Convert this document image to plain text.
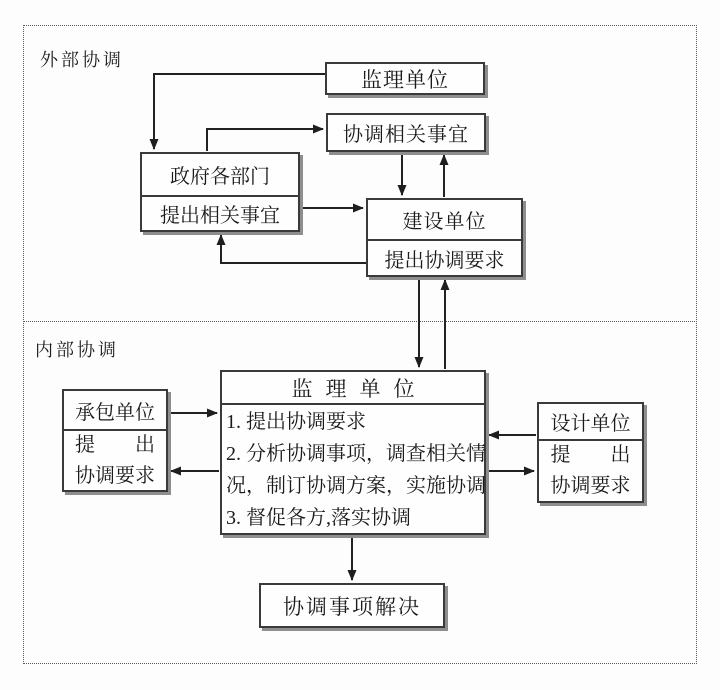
外部协调
内部协调
监理单位
协调相关事宜
政府各部门
提出相关事宜	建设单位
提出协调要求
监理单位
1. 提出协调要求
2. 分析协调事项，调查相关情
况，制订协调方案，实施协调
3. 督促各方,落实协调
承包单位
提　　出
协调要求
设计单位
提　　出
协调要求
协调事项解决
